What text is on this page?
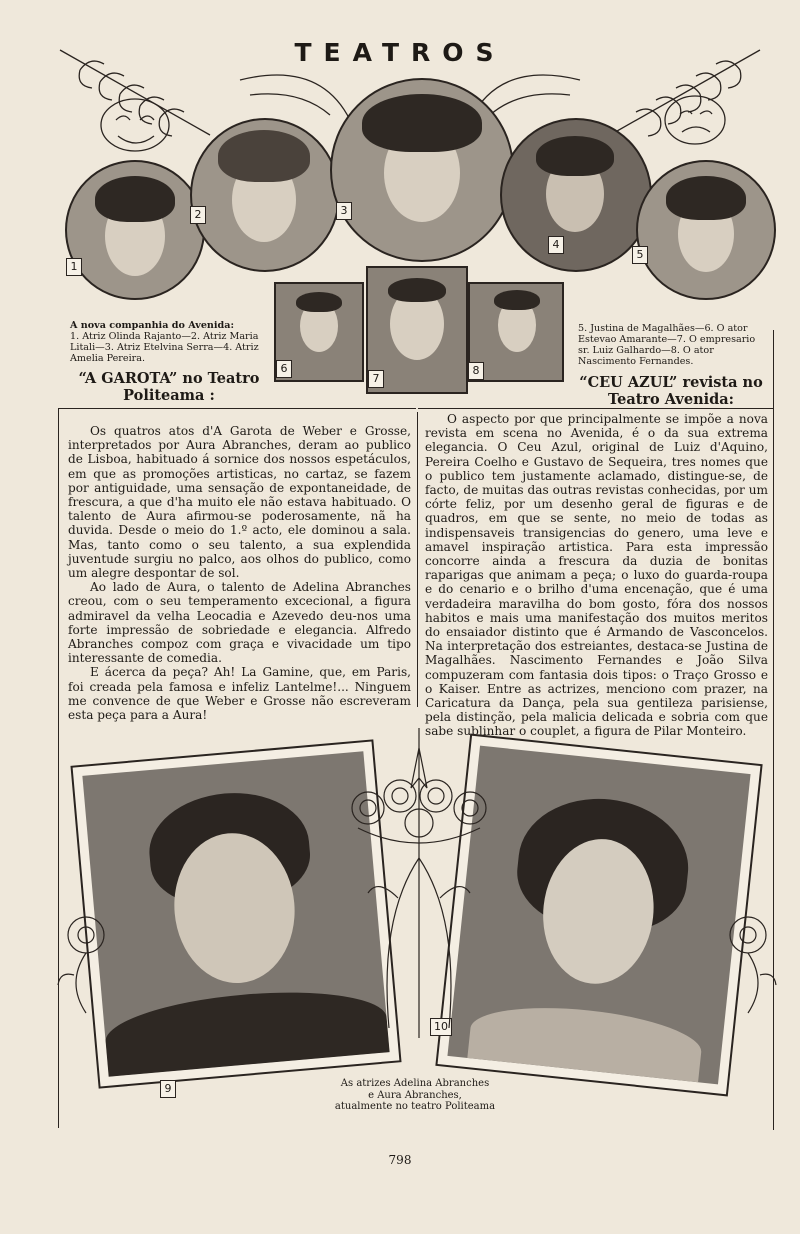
TEATROS
1
2	3
4
5
6
7
8
A nova companhia do Avenida:
1. Atriz Olinda Rajanto—2. Atriz Maria Litali—3. Atriz Etelvina Serra—4. Atriz Amelia Pereira.
5. Justina de Magalhães—6. O ator Estevao Amarante—7. O empresario sr. Luiz Galhardo—8. O ator Nascimento Fernandes.
“A GAROTA” no Teatro
Politeama :
“CEU AZUL” revista no
Teatro Avenida:

Os quatros atos d'A Garota de Weber e Grosse, interpretados por Aura Abranches, deram ao publico de Lisboa, habituado á sornice dos nossos espetáculos, em que as promoções artisticas, no cartaz, se fazem por antiguidade, uma sensação de expontaneidade, de frescura, a que d'ha muito ele não estava habituado. O talento de Aura afirmou-se poderosamente, nã ha duvida. Desde o meio do 1.º acto, ele dominou a sala. Mas, tanto como o seu talento, a sua explendida juventude surgiu no palco, aos olhos do publico, como um alegre despontar de sol.

Ao lado de Aura, o talento de Adelina Abranches creou, com o seu temperamento excecional, a figura admiravel da velha Leocadia e Azevedo deu-nos uma forte impressão de sobriedade e elegancia. Alfredo Abranches compoz com graça e vivacidade um tipo interessante de comedia.

E ácerca da peça? Ah! La Gamine, que, em Paris, foi creada pela famosa e infeliz Lantelme!... Ninguem me convence de que Weber e Grosse não escreveram esta peça para a Aura!

O aspecto por que principalmente se impõe a nova revista em scena no Avenida, é o da sua extrema elegancia. O Ceu Azul, original de Luiz d'Aquino, Pereira Coelho e Gustavo de Sequeira, tres nomes que o publico tem justamente aclamado, distingue-se, de facto, de muitas das outras revistas conhecidas, por um córte feliz, por um desenho geral de figuras e de quadros, em que se sente, no meio de todas as indispensaveis transigencias do genero, uma leve e amavel inspiração artistica. Para esta impressão concorre ainda a frescura da duzia de bonitas raparigas que animam a peça; o luxo do guarda-roupa e do cenario e o brilho d'uma encenação, que é uma verdadeira maravilha do bom gosto, fóra dos nossos habitos e mais uma manifestação dos muitos meritos do ensaiador distinto que é Armando de Vasconcelos. Na interpretação dos estreiantes, destaca-se Justina de Magalhães. Nascimento Fernandes e João Silva compuzeram com fantasia dois tipos: o Traço Grosso e o Kaiser. Entre as actrizes, menciono com prazer, na Caricatura da Dança, pela sua gentileza parisiense, pela distinção, pela malicia delicada e sobria com que sabe sublinhar o couplet, a figura de Pilar Monteiro.

9
10
As atrizes Adelina Abranches
e Aura Abranches,
atualmente no teatro Politeama
798
